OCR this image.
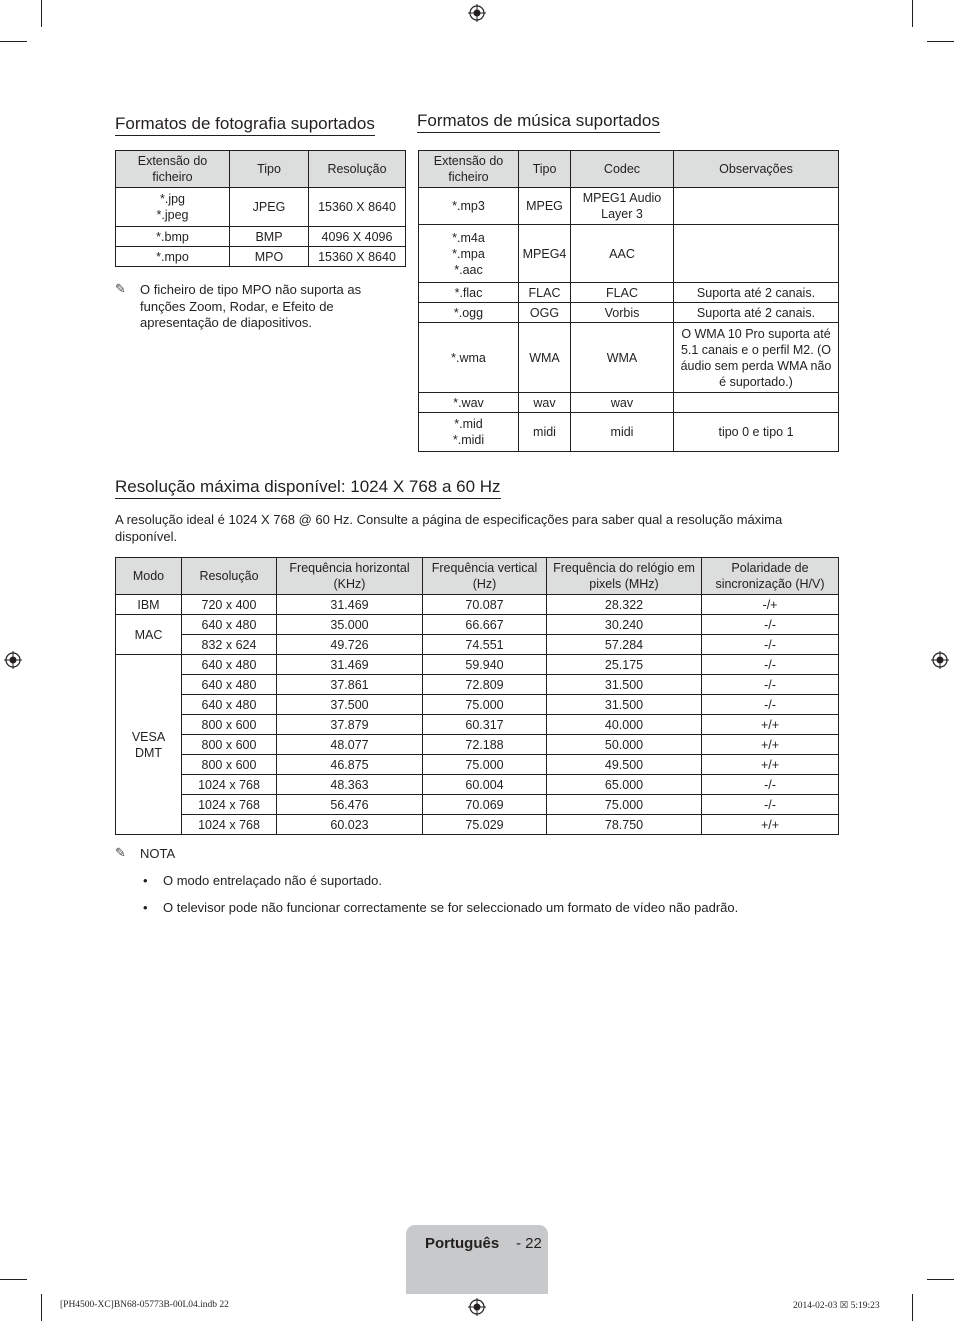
Formatos de fotografia suportados
Extensão do ficheiro	Tipo	Resolução
*.jpg
*.jpeg	JPEG	15360 X 8640
*.bmp	BMP	4096 X 4096
*.mpo	MPO	15360 X 8640
✎ O ficheiro de tipo MPO não suporta as funções Zoom, Rodar, e Efeito de apresentação de diapositivos.
Formatos de música suportados
Extensão do ficheiro	Tipo	Codec	Observações
*.mp3	MPEG	MPEG1 Audio Layer 3	
*.m4a
*.mpa
*.aac	MPEG4	AAC	
*.flac	FLAC	FLAC	Suporta até 2 canais.
*.ogg	OGG	Vorbis	Suporta até 2 canais.
*.wma	WMA	WMA	O WMA 10 Pro suporta até 5.1 canais e o perfil M2. (O áudio sem perda WMA não é suportado.)
*.wav	wav	wav	
*.mid
*.midi	midi	midi	tipo 0 e tipo 1
Resolução máxima disponível: 1024 X 768 a 60 Hz
A resolução ideal é 1024 X 768 @ 60 Hz. Consulte a página de especificações para saber qual a resolução máxima disponível.
Modo	Resolução	Frequência horizontal (KHz)	Frequência vertical (Hz)	Frequência do relógio em pixels (MHz)	Polaridade de sincronização (H/V)
IBM	720 x 400	31.469	70.087	28.322	-/+
MAC	640 x 480	35.000	66.667	30.240	-/-
	832 x 624	49.726	74.551	57.284	-/-
VESA
DMT	640 x 480	31.469	59.940	25.175	-/-
	640 x 480	37.861	72.809	31.500	-/-
	640 x 480	37.500	75.000	31.500	-/-
	800 x 600	37.879	60.317	40.000	+/+
	800 x 600	48.077	72.188	50.000	+/+
	800 x 600	46.875	75.000	49.500	+/+
	1024 x 768	48.363	60.004	65.000	-/-
	1024 x 768	56.476	70.069	75.000	-/-
	1024 x 768	60.023	75.029	78.750	+/+
✎ NOTA
• O modo entrelaçado não é suportado.
• O televisor pode não funcionar correctamente se for seleccionado um formato de vídeo não padrão.
Português - 22
[PH4500-XC]BN68-05773B-00L04.indb 22	2014-02-03 ☒ 5:19:23
